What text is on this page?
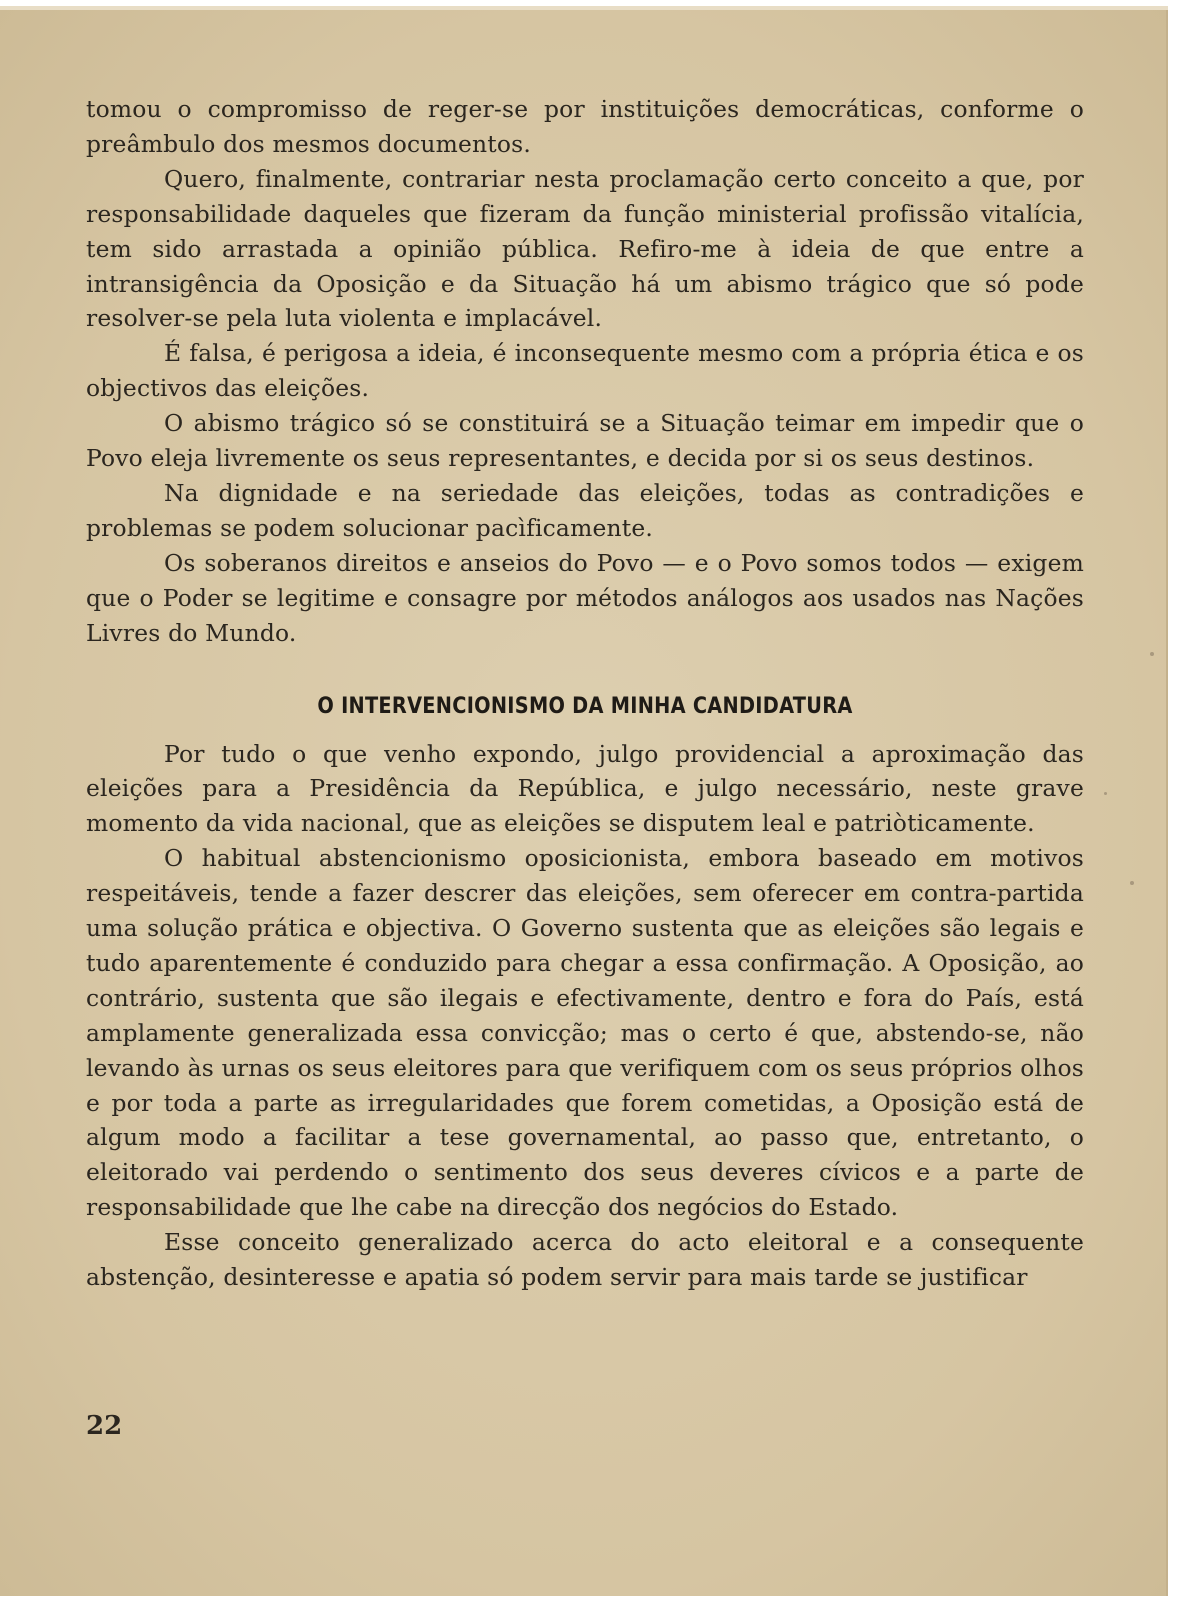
tomou o compromisso de reger-se por instituições democráticas, conforme o preâmbulo dos mesmos documentos.

Quero, finalmente, contrariar nesta proclamação certo conceito a que, por responsabilidade daqueles que fizeram da função ministerial profissão vitalícia, tem sido arrastada a opinião pública. Refiro-me à ideia de que entre a intransigência da Oposição e da Situação há um abismo trágico que só pode resolver-se pela luta violenta e implacável.

É falsa, é perigosa a ideia, é inconsequente mesmo com a própria ética e os objectivos das eleições.

O abismo trágico só se constituirá se a Situação teimar em impedir que o Povo eleja livremente os seus representantes, e decida por si os seus destinos.

Na dignidade e na seriedade das eleições, todas as contradições e problemas se podem solucionar pacìficamente.

Os soberanos direitos e anseios do Povo — e o Povo somos todos — exigem que o Poder se legitime e consagre por métodos análogos aos usados nas Nações Livres do Mundo.

O INTERVENCIONISMO DA MINHA CANDIDATURA

Por tudo o que venho expondo, julgo providencial a aproximação das eleições para a Presidência da República, e julgo necessário, neste grave momento da vida nacional, que as eleições se disputem leal e patriòticamente.

O habitual abstencionismo oposicionista, embora baseado em motivos respeitáveis, tende a fazer descrer das eleições, sem oferecer em contra-partida uma solução prática e objectiva. O Governo sustenta que as eleições são legais e tudo aparentemente é conduzido para chegar a essa confirmação. A Oposição, ao contrário, sustenta que são ilegais e efectivamente, dentro e fora do País, está amplamente generalizada essa convicção; mas o certo é que, abstendo-se, não levando às urnas os seus eleitores para que verifiquem com os seus próprios olhos e por toda a parte as irregularidades que forem cometidas, a Oposição está de algum modo a facilitar a tese governamental, ao passo que, entretanto, o eleitorado vai perdendo o sentimento dos seus deveres cívicos e a parte de responsabilidade que lhe cabe na direcção dos negócios do Estado.

Esse conceito generalizado acerca do acto eleitoral e a consequente abstenção, desinteresse e apatia só podem servir para mais tarde se justificar

22
